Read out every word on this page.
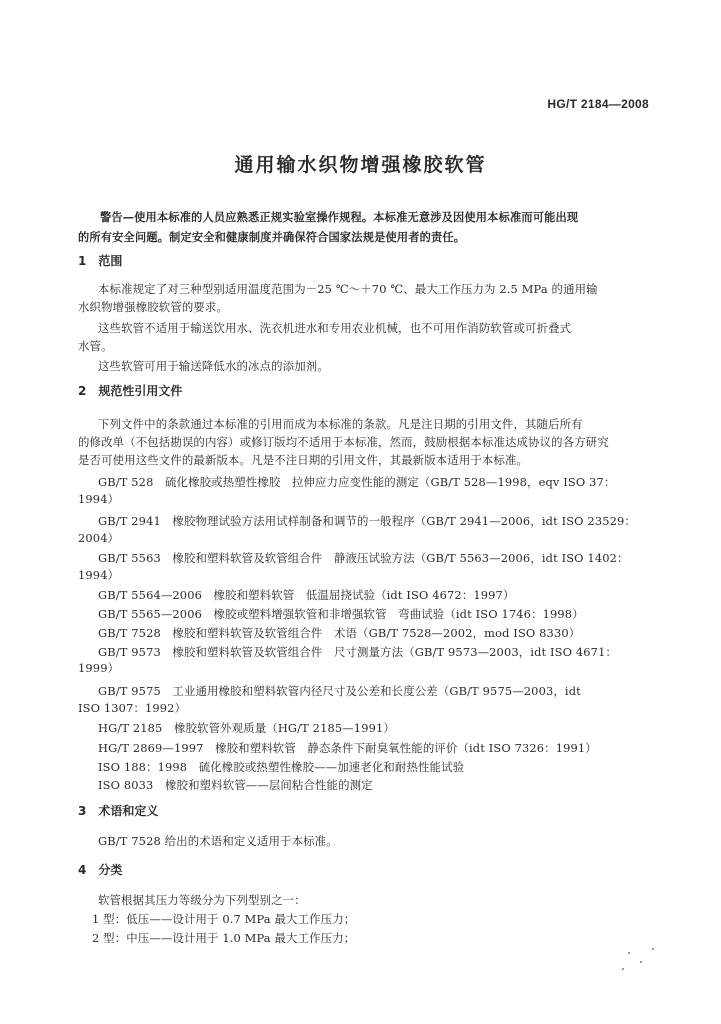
HG/T 2184—2008
通用输水织物增强橡胶软管
警告—使用本标准的人员应熟悉正规实验室操作规程。本标准无意涉及因使用本标准而可能出现
的所有安全问题。制定安全和健康制度并确保符合国家法规是使用者的责任。
1　范围
本标准规定了对三种型别适用温度范围为－25 ℃～＋70 ℃、最大工作压力为 2.5 MPa 的通用输
水织物增强橡胶软管的要求。
这些软管不适用于输送饮用水、洗衣机进水和专用农业机械，也不可用作消防软管或可折叠式
水管。
这些软管可用于输送降低水的冰点的添加剂。
2　规范性引用文件
下列文件中的条款通过本标准的引用而成为本标准的条款。凡是注日期的引用文件，其随后所有
的修改单（不包括勘误的内容）或修订版均不适用于本标准，然而，鼓励根据本标准达成协议的各方研究
是否可使用这些文件的最新版本。凡是不注日期的引用文件，其最新版本适用于本标准。
GB/T 528　硫化橡胶或热塑性橡胶　拉伸应力应变性能的测定（GB/T 528—1998，eqv ISO 37：
1994）
GB/T 2941　橡胶物理试验方法用试样制备和调节的一般程序（GB/T 2941—2006，idt ISO 23529：
2004）
GB/T 5563　橡胶和塑料软管及软管组合件　静液压试验方法（GB/T 5563—2006，idt ISO 1402：
1994）
GB/T 5564—2006　橡胶和塑料软管　低温屈挠试验（idt ISO 4672：1997）
GB/T 5565—2006　橡胶或塑料增强软管和非增强软管　弯曲试验（idt ISO 1746：1998）
GB/T 7528　橡胶和塑料软管及软管组合件　术语（GB/T 7528—2002，mod ISO 8330）
GB/T 9573　橡胶和塑料软管及软管组合件　尺寸测量方法（GB/T 9573—2003，idt ISO 4671：
1999）
GB/T 9575　工业通用橡胶和塑料软管内径尺寸及公差和长度公差（GB/T 9575—2003，idt
ISO 1307：1992）
HG/T 2185　橡胶软管外观质量（HG/T 2185—1991）
HG/T 2869—1997　橡胶和塑料软管　静态条件下耐臭氧性能的评价（idt ISO 7326：1991）
ISO 188：1998　硫化橡胶或热塑性橡胶——加速老化和耐热性能试验
ISO 8033　橡胶和塑料软管——层间粘合性能的测定
3　术语和定义
GB/T 7528 给出的术语和定义适用于本标准。
4　分类
软管根据其压力等级分为下列型别之一：
1 型：低压——设计用于 0.7 MPa 最大工作压力；
2 型：中压——设计用于 1.0 MPa 最大工作压力；
